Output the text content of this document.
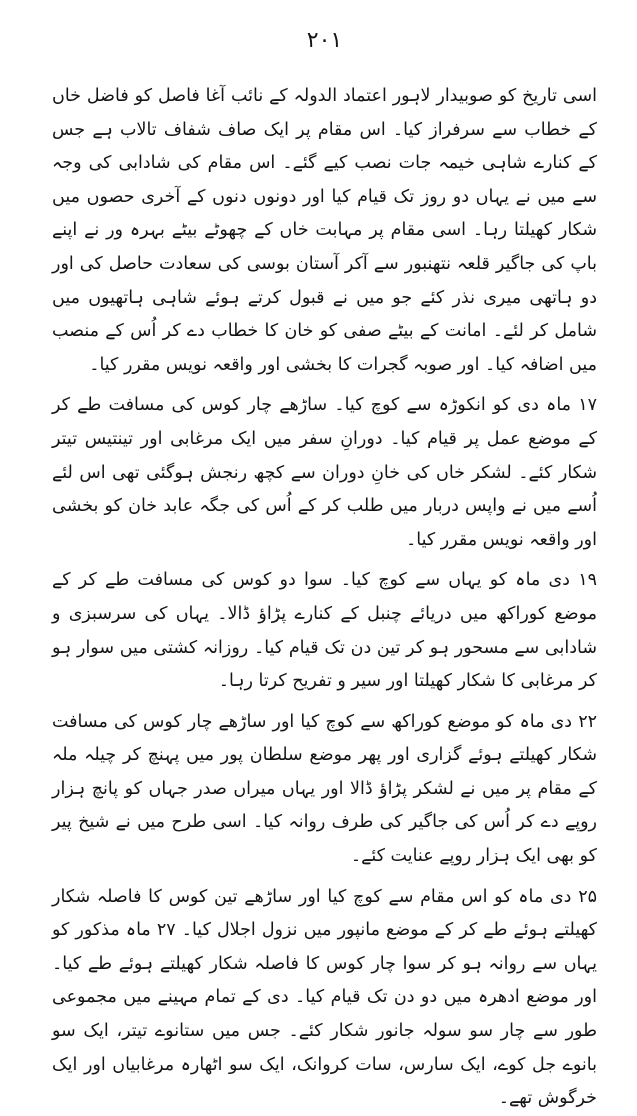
۲۰۱

اسی تاریخ کو صوبیدار لاہور اعتماد الدولہ کے نائب آغا فاصل کو فاضل خاں کے خطاب سے سرفراز کیا۔ اس مقام پر ایک صاف شفاف تالاب ہے جس کے کنارے شاہی خیمہ جات نصب کیے گئے۔ اس مقام کی شادابی کی وجہ سے میں نے یہاں دو روز تک قیام کیا اور دونوں دنوں کے آخری حصوں میں شکار کھیلتا رہا۔ اسی مقام پر مہابت خاں کے چھوٹے بیٹے بہرہ ور نے اپنے باپ کی جاگیر قلعہ نتھنبور سے آکر آستان بوسی کی سعادت حاصل کی اور دو ہاتھی میری نذر کئے جو میں نے قبول کرتے ہوئے شاہی ہاتھیوں میں شامل کر لئے۔ امانت کے بیٹے صفی کو خان کا خطاب دے کر اُس کے منصب میں اضافہ کیا۔ اور صوبہ گجرات کا بخشی اور واقعہ نویس مقرر کیا۔

۱۷ ماہ دی کو انکوڑہ سے کوچ کیا۔ ساڑھے چار کوس کی مسافت طے کر کے موضع عمل پر قیام کیا۔ دورانِ سفر میں ایک مرغابی اور تینتیس تیتر شکار کئے۔ لشکر خاں کی خانِ دوران سے کچھ رنجش ہوگئی تھی اس لئے اُسے میں نے واپس دربار میں طلب کر کے اُس کی جگہ عابد خان کو بخشی اور واقعہ نویس مقرر کیا۔

۱۹ دی ماہ کو یہاں سے کوچ کیا۔ سوا دو کوس کی مسافت طے کر کے موضع کوراکھ میں دریائے چنبل کے کنارے پڑاؤ ڈالا۔ یہاں کی سرسبزی و شادابی سے مسحور ہو کر تین دن تک قیام کیا۔ روزانہ کشتی میں سوار ہو کر مرغابی کا شکار کھیلتا اور سیر و تفریح کرتا رہا۔

۲۲ دی ماہ کو موضع کوراکھ سے کوچ کیا اور ساڑھے چار کوس کی مسافت شکار کھیلتے ہوئے گزاری اور پھر موضع سلطان پور میں پہنچ کر چیلہ ملہ کے مقام پر میں نے لشکر پڑاؤ ڈالا اور یہاں میراں صدر جہاں کو پانچ ہزار روپے دے کر اُس کی جاگیر کی طرف روانہ کیا۔ اسی طرح میں نے شیخ پیر کو بھی ایک ہزار روپے عنایت کئے۔

۲۵ دی ماہ کو اس مقام سے کوچ کیا اور ساڑھے تین کوس کا فاصلہ شکار کھیلتے ہوئے طے کر کے موضع مانپور میں نزول اجلال کیا۔ ۲۷ ماہ مذکور کو یہاں سے روانہ ہو کر سوا چار کوس کا فاصلہ شکار کھیلتے ہوئے طے کیا۔ اور موضع ادھرہ میں دو دن تک قیام کیا۔ دی کے تمام مہینے میں مجموعی طور سے چار سو سولہ جانور شکار کئے۔ جس میں ستانوے تیتر، ایک سو بانوے جل کوے، ایک سارس، سات کروانک، ایک سو اٹھارہ مرغابیاں اور ایک خرگوش تھے۔
